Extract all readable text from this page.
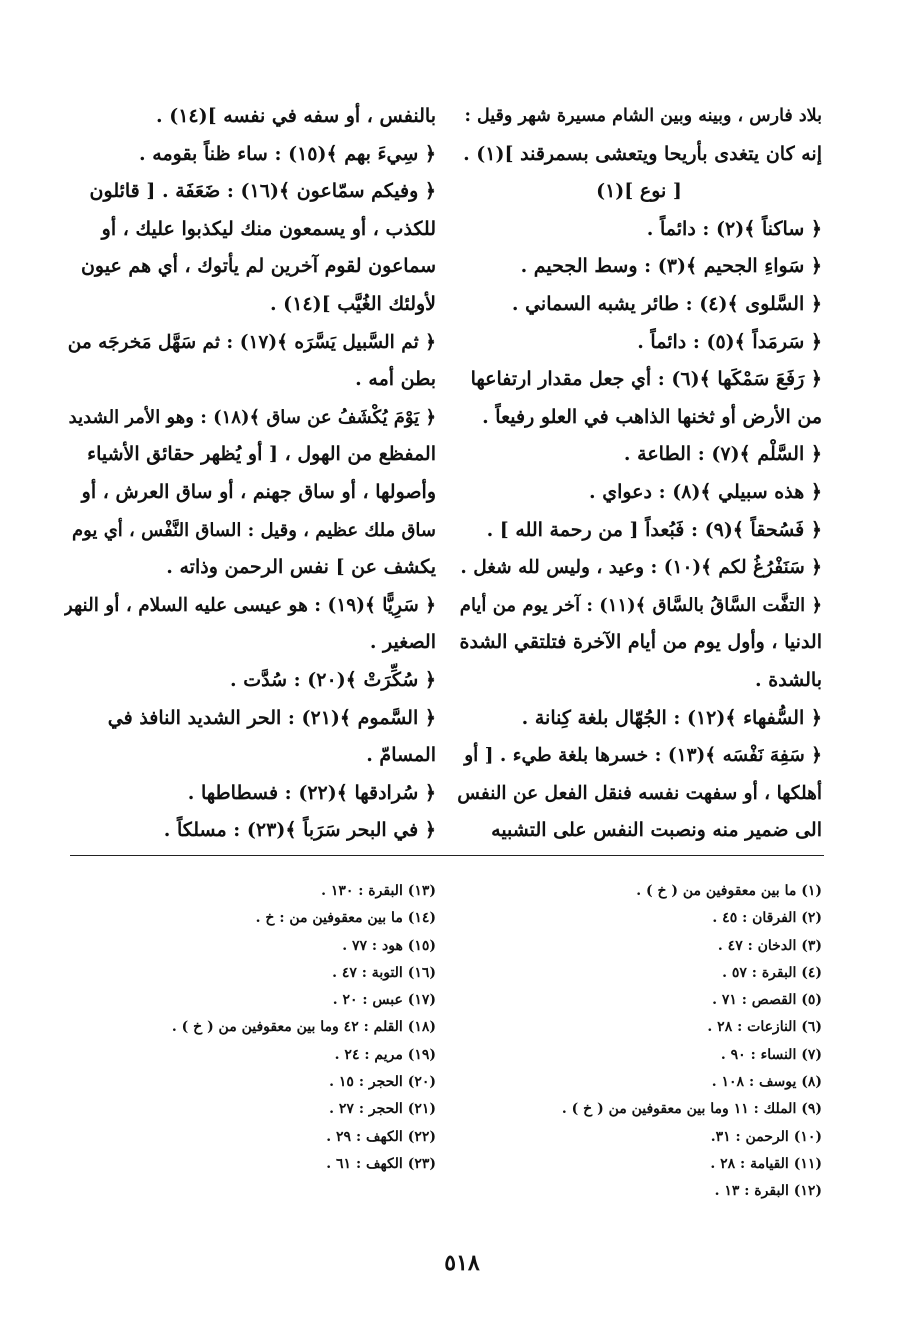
بلاد فارس ، وبينه وبين الشام مسيرة شهر وقيل :
إنه كان يتغدى بأريحا ويتعشى بسمرقند ](١) .
[ نوع ](١)
﴿ ساكناً ﴾(٢) : دائماً .
﴿ سَواءِ الجحيم ﴾(٣) : وسط الجحيم .
﴿ السَّلوى ﴾(٤) : طائر يشبه السماني .
﴿ سَرمَداً ﴾(٥) : دائماً .
﴿ رَفَعَ سَمْكَها ﴾(٦) : أي جعل مقدار ارتفاعها
من الأرض أو ثخنها الذاهب في العلو رفيعاً .
﴿ السَّلْم ﴾(٧) : الطاعة .
﴿ هذه سبيلي ﴾(٨) : دعواي .
﴿ فَسُحقاً ﴾(٩) : فَبُعداً [ من رحمة الله ] .
﴿ سَنَفْرُغُ لكم ﴾(١٠) : وعيد ، وليس لله شغل .
﴿ التفَّت السَّاقُ بالسَّاق ﴾(١١) : آخر يوم من أيام
الدنيا ، وأول يوم من أيام الآخرة فتلتقي الشدة
بالشدة .
﴿ السُّفهاء ﴾(١٢) : الجُهّال بلغة كِنانة .
﴿ سَفِهَ نَفْسَه ﴾(١٣) : خسرها بلغة طيء . [ أو
أهلكها ، أو سفهت نفسه فنقل الفعل عن النفس
الى ضمير منه ونصبت النفس على التشبيه
بالنفس ، أو سفه في نفسه ](١٤) .
﴿ سِيءَ بهم ﴾(١٥) : ساء ظناً بقومه .
﴿ وفيكم سمّاعون ﴾(١٦) : ضَعَفَة . [ قائلون
للكذب ، أو يسمعون منك ليكذبوا عليك ، أو
سماعون لقوم آخرين لم يأتوك ، أي هم عيون
لأولئك الغُيَّب ](١٤) .
﴿ ثم السَّبيل يَسَّرَه ﴾(١٧) : ثم سَهَّل مَخرجَه من
بطن أمه .
﴿ يَوْمَ يُكْشَفُ عن ساق ﴾(١٨) : وهو الأمر الشديد
المفظع من الهول ، [ أو يُظهر حقائق الأشياء
وأصولها ، أو ساق جهنم ، أو ساق العرش ، أو
ساق ملك عظيم ، وقيل : الساق النَّفْس ، أي يوم
يكشف عن ] نفس الرحمن وذاته .
﴿ سَرِيًّا ﴾(١٩) : هو عيسى عليه السلام ، أو النهر
الصغير .
﴿ سُكِّرَتْ ﴾(٢٠) : سُدَّت .
﴿ السَّموم ﴾(٢١) : الحر الشديد النافذ في
المسامّ .
﴿ سُرادقها ﴾(٢٢) : فسطاطها .
﴿ في البحر سَرَباً ﴾(٢٣) : مسلكاً .
(١) ما بين معقوفين من ( خ ) .
(٢) الفرقان : ٤٥ .
(٣) الدخان : ٤٧ .
(٤) البقرة : ٥٧ .
(٥) القصص : ٧١ .
(٦) النازعات : ٢٨ .
(٧) النساء : ٩٠ .
(٨) يوسف : ١٠٨ .
(٩) الملك : ١١ وما بين معقوفين من ( خ ) .
(١٠) الرحمن : ٣١.
(١١) القيامة : ٢٨ .
(١٢) البقرة : ١٣ .
(١٣) البقرة : ١٣٠ .
(١٤) ما بين معقوفين من : خ .
(١٥) هود : ٧٧ .
(١٦) التوبة : ٤٧ .
(١٧) عبس : ٢٠ .
(١٨) القلم : ٤٢ وما بين معقوفين من ( خ ) .
(١٩) مريم : ٢٤ .
(٢٠) الحجر : ١٥ .
(٢١) الحجر : ٢٧ .
(٢٢) الكهف : ٢٩ .
(٢٣) الكهف : ٦١ .
٥١٨
